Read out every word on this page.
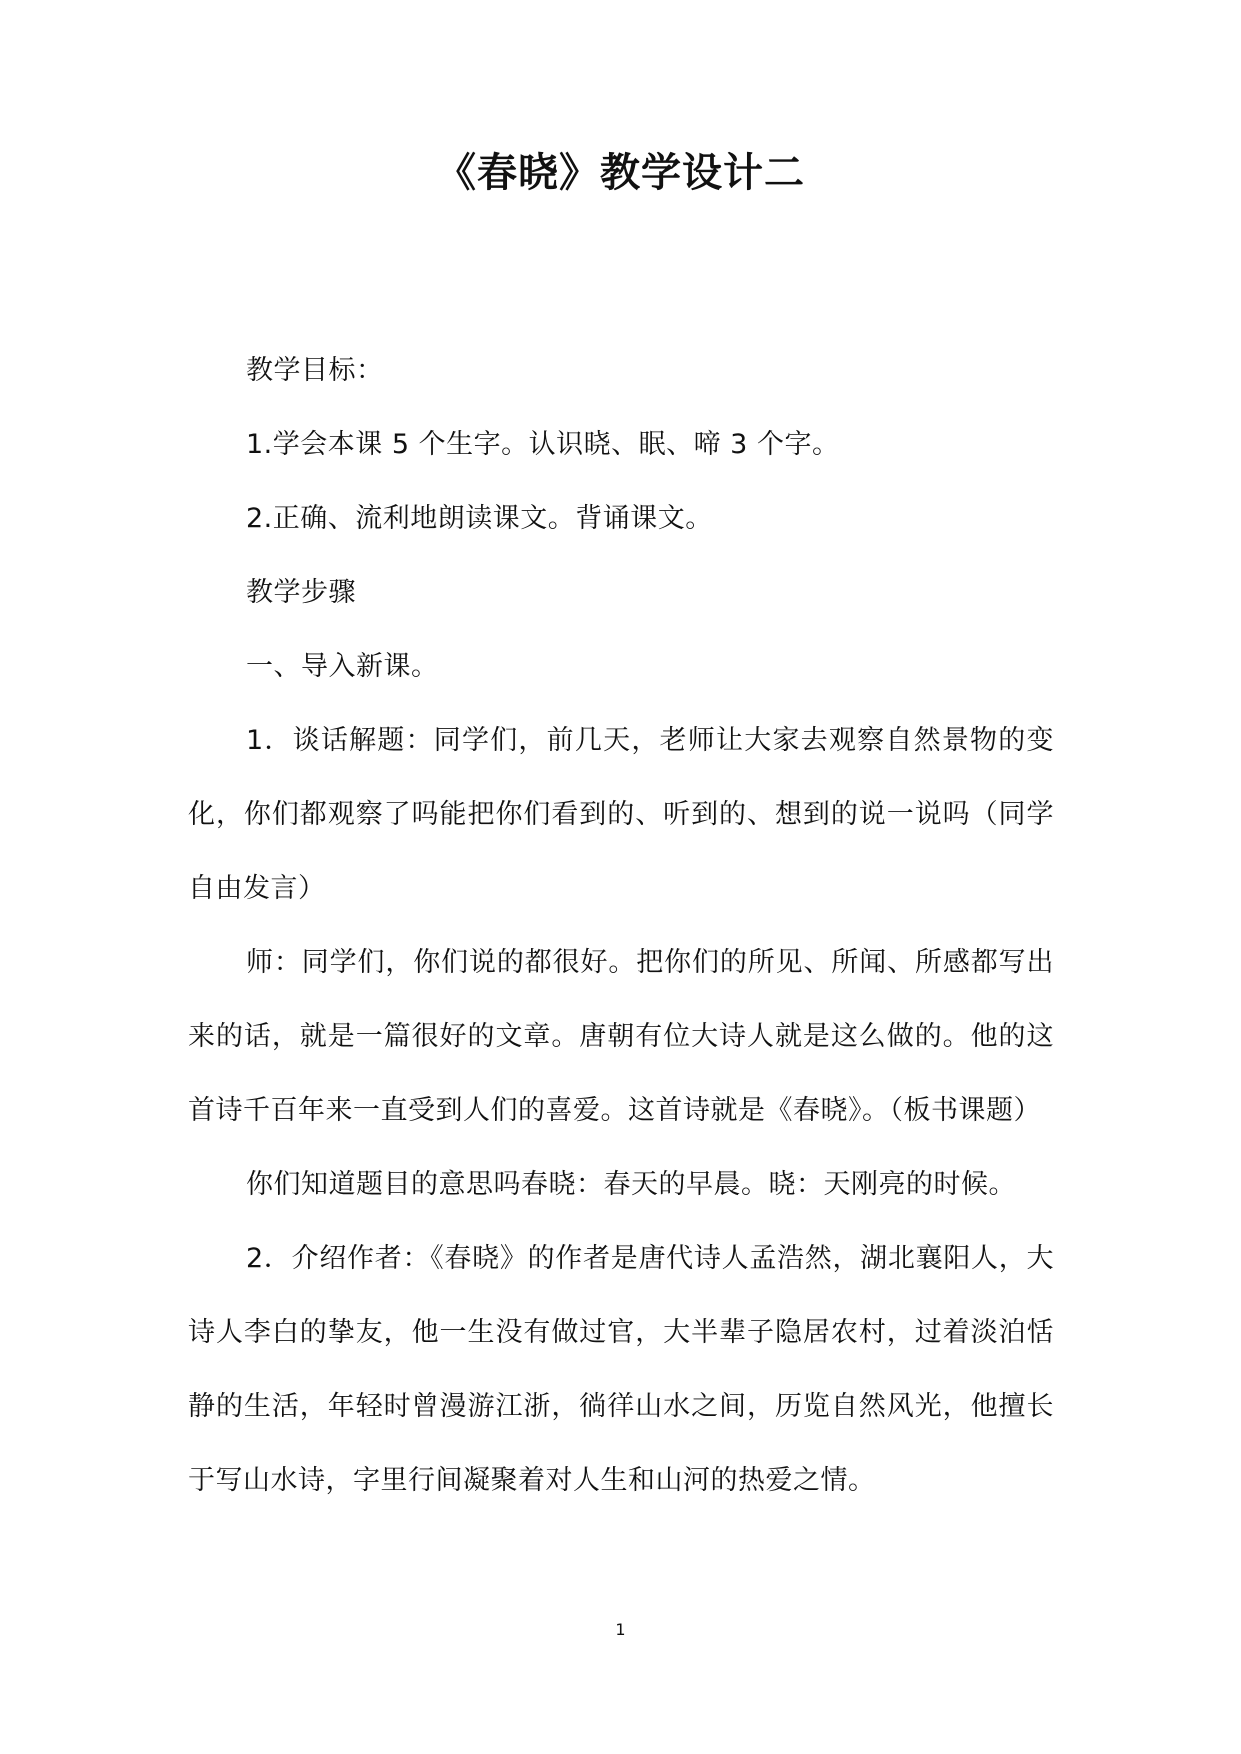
《春晓》教学设计二

教学目标：

1.学会本课 5 个生字。认识晓、眠、啼 3 个字。

2.正确、流利地朗读课文。背诵课文。

教学步骤

一、导入新课。

1．谈话解题：同学们，前几天，老师让大家去观察自然景物的变化，你们都观察了吗能把你们看到的、听到的、想到的说一说吗（同学自由发言）

师：同学们，你们说的都很好。把你们的所见、所闻、所感都写出来的话，就是一篇很好的文章。唐朝有位大诗人就是这么做的。他的这首诗千百年来一直受到人们的喜爱。这首诗就是《春晓》。（板书课题）

你们知道题目的意思吗春晓：春天的早晨。晓：天刚亮的时候。

2．介绍作者：《春晓》的作者是唐代诗人孟浩然，湖北襄阳人，大诗人李白的挚友，他一生没有做过官，大半辈子隐居农村，过着淡泊恬静的生活，年轻时曾漫游江浙，徜徉山水之间，历览自然风光，他擅长于写山水诗，字里行间凝聚着对人生和山河的热爱之情。

1
